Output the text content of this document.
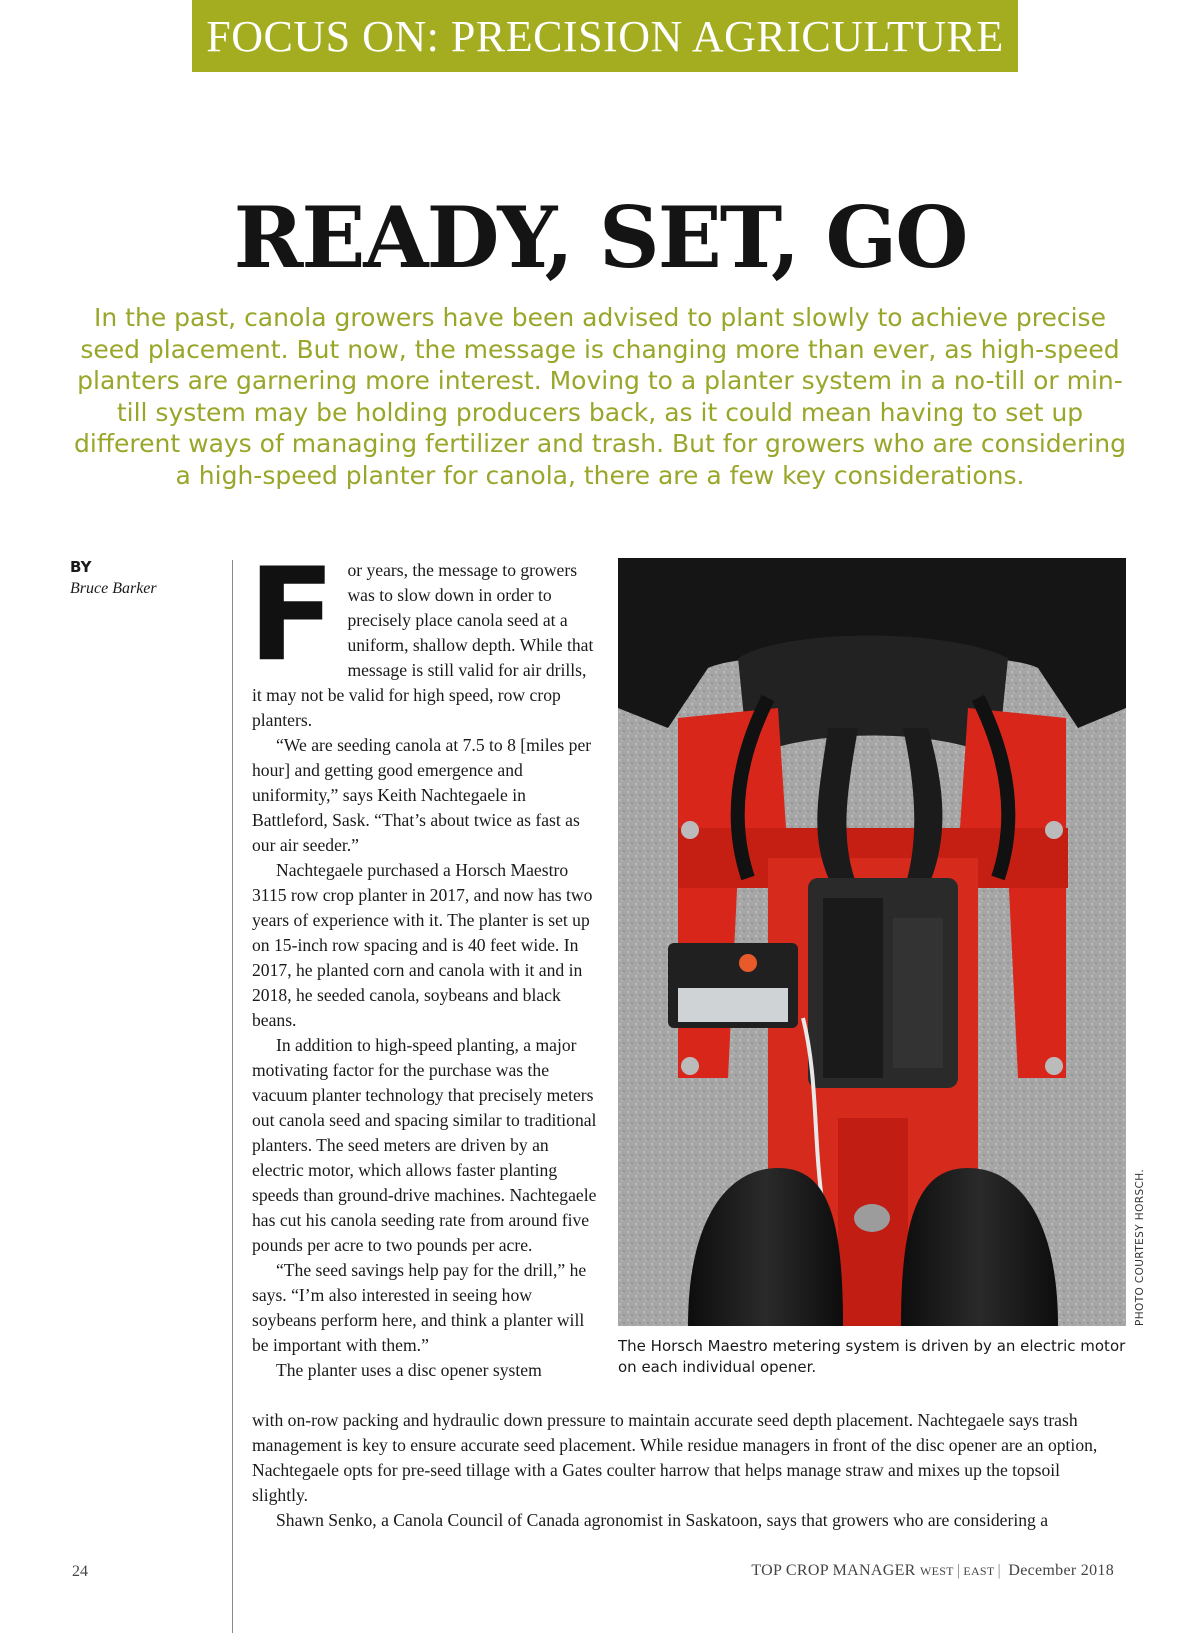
FOCUS ON: PRECISION AGRICULTURE
READY, SET, GO
In the past, canola growers have been advised to plant slowly to achieve precise seed placement. But now, the message is changing more than ever, as high-speed planters are garnering more interest. Moving to a planter system in a no-till or min-till system may be holding producers back, as it could mean having to set up different ways of managing fertilizer and trash. But for growers who are considering a high-speed planter for canola, there are a few key considerations.
BY
Bruce Barker For years, the message to growers was to slow down in order to precisely place canola seed at a uniform, shallow depth. While that message is still valid for air drills, it may not be valid for high speed, row crop planters.

“We are seeding canola at 7.5 to 8 [miles per hour] and getting good emergence and uniformity,” says Keith Nachtegaele in Battleford, Sask. “That’s about twice as fast as our air seeder.”

Nachtegaele purchased a Horsch Maestro 3115 row crop planter in 2017, and now has two years of experience with it. The planter is set up on 15-inch row spacing and is 40 feet wide. In 2017, he planted corn and canola with it and in 2018, he seeded canola, soybeans and black beans.

In addition to high-speed planting, a major motivating factor for the purchase was the vacuum planter technology that precisely meters out canola seed and spacing similar to traditional planters. The seed meters are driven by an electric motor, which allows faster planting speeds than ground-drive machines. Nachtegaele has cut his canola seeding rate from around five pounds per acre to two pounds per acre.

“The seed savings help pay for the drill,” he says. “I’m also interested in seeing how soybeans perform here, and think a planter will be important with them.”

The planter uses a disc opener system

with on-row packing and hydraulic down pressure to maintain accurate seed depth placement. Nachtegaele says trash management is key to ensure accurate seed placement. While residue managers in front of the disc opener are an option, Nachtegaele opts for pre-seed tillage with a Gates coulter harrow that helps manage straw and mixes up the topsoil slightly.

Shawn Senko, a Canola Council of Canada agronomist in Saskatoon, says that growers who are considering a

PHOTO COURTESY HORSCH.
The Horsch Maestro metering system is driven by an electric motor on each individual opener.
24	TOP CROP MANAGER WEST | EAST | December 2018
